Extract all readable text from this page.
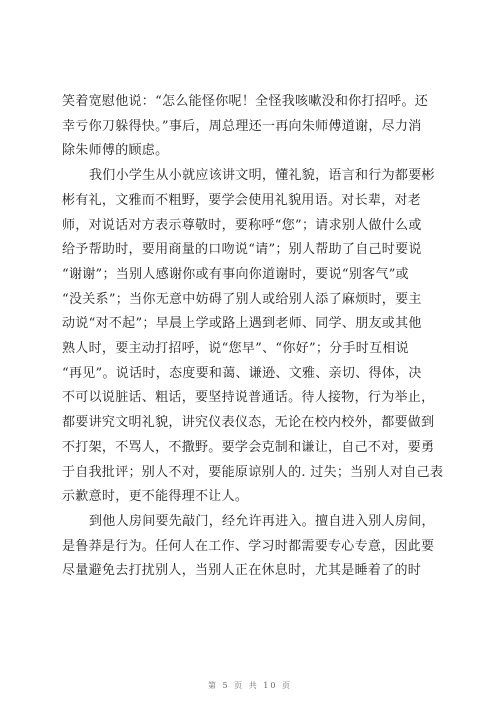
笑着宽慰他说：“怎么能怪你呢！全怪我咳嗽没和你打招呼。还
幸亏你刀躲得快。”事后，周总理还一再向朱师傅道谢，尽力消
除朱师傅的顾虑。

我们小学生从小就应该讲文明，懂礼貌，语言和行为都要彬
彬有礼，文雅而不粗野，要学会使用礼貌用语。对长辈，对老
师，对说话对方表示尊敬时，要称呼“您”；请求别人做什么或
给予帮助时，要用商量的口吻说“请”；别人帮助了自己时要说
“谢谢”；当别人感谢你或有事向你道谢时，要说“别客气”或
“没关系”；当你无意中妨碍了别人或给别人添了麻烦时，要主
动说“对不起”；早晨上学或路上遇到老师、同学、朋友或其他
熟人时，要主动打招呼，说“您早”、“你好”；分手时互相说
“再见”。说话时，态度要和蔼、谦逊、文雅、亲切、得体，决
不可以说脏话、粗话，要坚持说普通话。待人接物，行为举止，
都要讲究文明礼貌，讲究仪表仪态，无论在校内校外，都要做到
不打架，不骂人，不撒野。要学会克制和谦让，自己不对，要勇
于自我批评；别人不对，要能原谅别人的. 过失；当别人对自己表
示歉意时，更不能得理不让人。

到他人房间要先敲门，经允许再进入。擅自进入别人房间，
是鲁莽是行为。任何人在工作、学习时都需要专心专意，因此要
尽量避免去打扰别人，当别人正在休息时，尤其是睡着了的时

第 5 页 共 10 页
